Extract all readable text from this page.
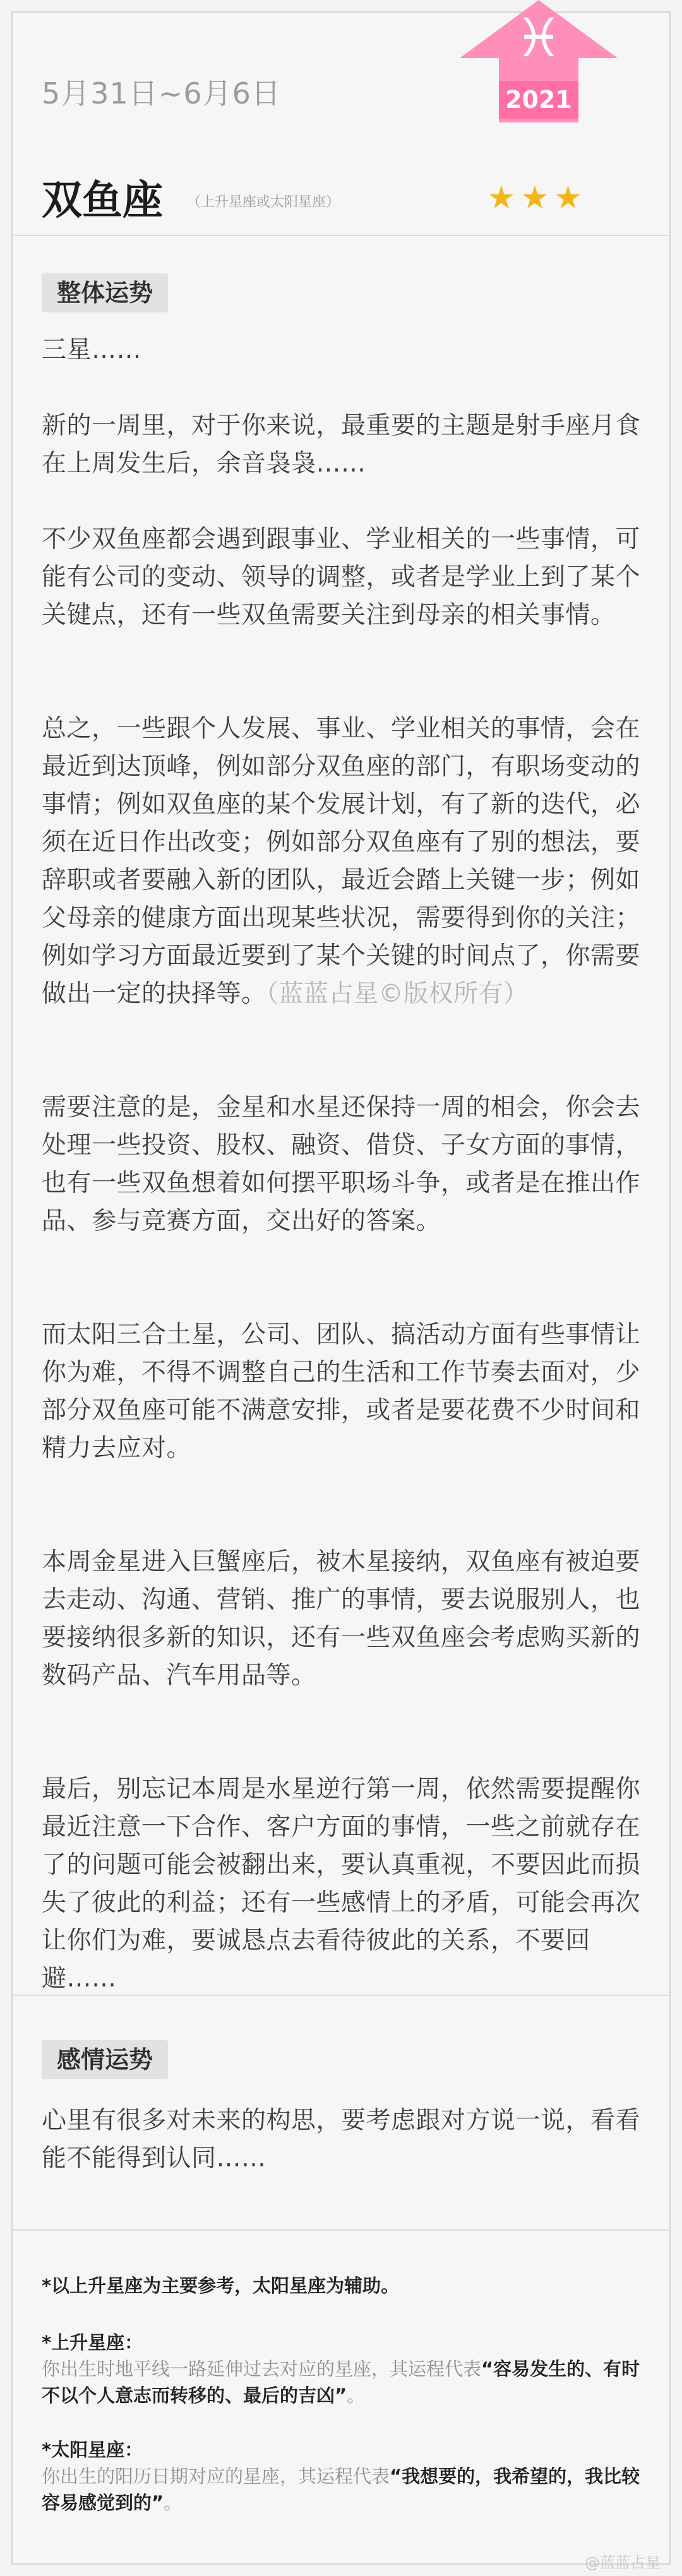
5月31日~6月6日
双鱼座 （上升星座或太阳星座）	★★★
♓
2021
整体运势
三星……
新的一周里，对于你来说，最重要的主题是射手座月食在上周发生后，余音袅袅……
不少双鱼座都会遇到跟事业、学业相关的一些事情，可能有公司的变动、领导的调整，或者是学业上到了某个关键点，还有一些双鱼需要关注到母亲的相关事情。
总之，一些跟个人发展、事业、学业相关的事情，会在最近到达顶峰，例如部分双鱼座的部门，有职场变动的事情；例如双鱼座的某个发展计划，有了新的迭代，必须在近日作出改变；例如部分双鱼座有了别的想法，要辞职或者要融入新的团队，最近会踏上关键一步；例如父母亲的健康方面出现某些状况，需要得到你的关注；例如学习方面最近要到了某个关键的时间点了，你需要做出一定的抉择等。（蓝蓝占星©版权所有）
需要注意的是，金星和水星还保持一周的相会，你会去处理一些投资、股权、融资、借贷、子女方面的事情，也有一些双鱼想着如何摆平职场斗争，或者是在推出作品、参与竞赛方面，交出好的答案。
而太阳三合土星，公司、团队、搞活动方面有些事情让你为难，不得不调整自己的生活和工作节奏去面对，少部分双鱼座可能不满意安排，或者是要花费不少时间和精力去应对。
本周金星进入巨蟹座后，被木星接纳，双鱼座有被迫要去走动、沟通、营销、推广的事情，要去说服别人，也要接纳很多新的知识，还有一些双鱼座会考虑购买新的数码产品、汽车用品等。
最后，别忘记本周是水星逆行第一周，依然需要提醒你最近注意一下合作、客户方面的事情，一些之前就存在了的问题可能会被翻出来，要认真重视，不要因此而损失了彼此的利益；还有一些感情上的矛盾，可能会再次让你们为难，要诚恳点去看待彼此的关系，不要回避……
感情运势
心里有很多对未来的构思，要考虑跟对方说一说，看看能不能得到认同……
*以上升星座为主要参考，太阳星座为辅助。
*上升星座：
你出生时地平线一路延伸过去对应的星座，其运程代表“容易发生的、有时不以个人意志而转移的、最后的吉凶”。
*太阳星座：
你出生的阳历日期对应的星座，其运程代表“我想要的，我希望的，我比较容易感觉到的”。
@蓝蓝占星
